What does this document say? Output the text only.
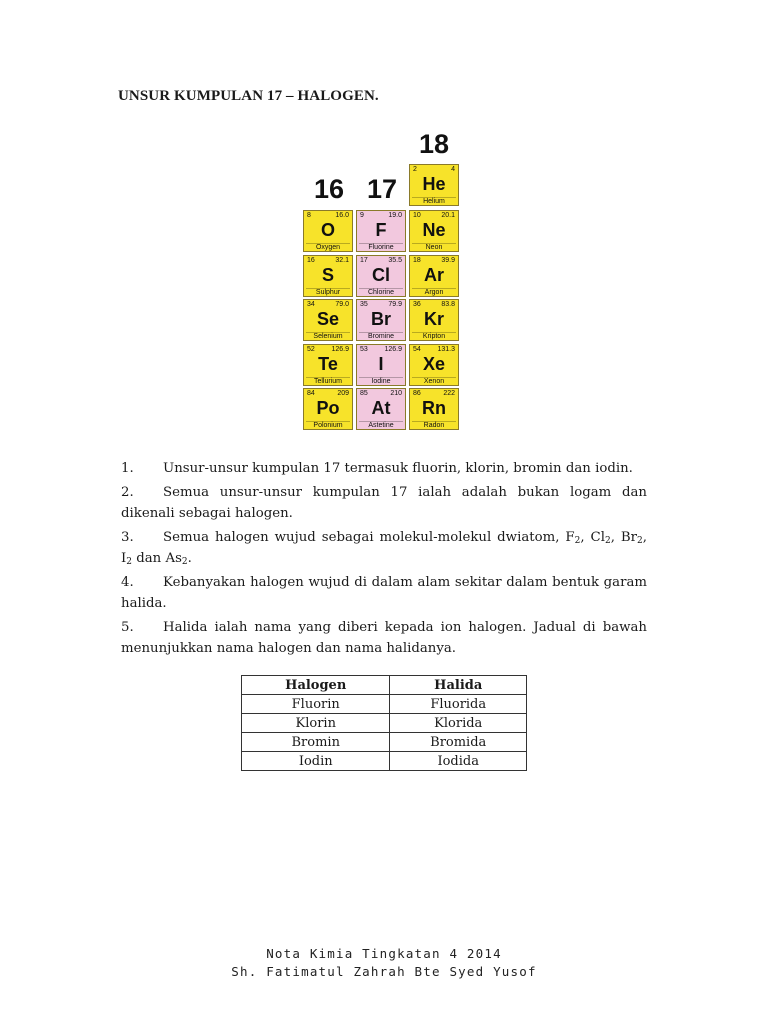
UNSUR KUMPULAN 17 – HALOGEN.
16 17
18
2	4
He
Helium
8	16.0
O
Oxygen
9	19.0
F
Fluorine
10	20.1
Ne
Neon
16	32.1
S
Sulphur
17	35.5
Cl
Chlorine
18	39.9
Ar
Argon
34	79.0
Se
Selenium
35	79.9
Br
Bromine
36	83.8
Kr
Kripton
52 126.9
Te
Tellurium
53 126.9
I
Iodine
54 131.3
Xe
Xenon
84	209
Po
Polonium
85	210
At
Astetine
86	222
Rn
Radon
1. Unsur-unsur kumpulan 17 termasuk fluorin, klorin, bromin dan iodin.
2. Semua unsur-unsur kumpulan 17 ialah adalah bukan logam dan dikenali sebagai halogen.
3. Semua halogen wujud sebagai molekul-molekul dwiatom, $F_2$, $Cl_2$, $Br_2$, $I_2$ dan $As_2$.
4. Kebanyakan halogen wujud di dalam alam sekitar dalam bentuk garam halida.
5. Halida ialah nama yang diberi kepada ion halogen. Jadual di bawah menunjukkan nama halogen dan nama halidanya.
Halogen	Halida
Fluorin	Fluorida
Klorin	Klorida
Bromin	Bromida
Iodin	Iodida
Nota Kimia Tingkatan 4 2014
Sh. Fatimatul Zahrah Bte Syed Yusof
